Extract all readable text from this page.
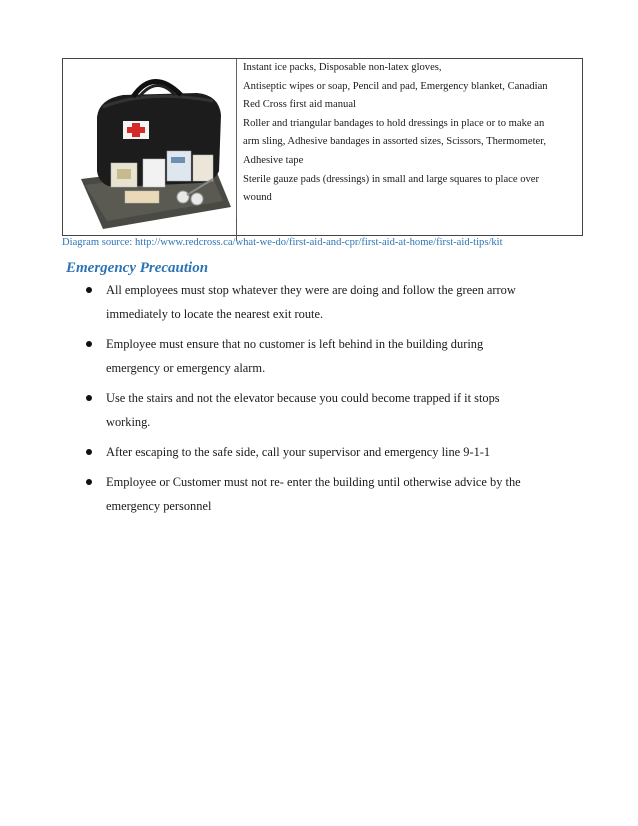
Instant ice packs, Disposable non-latex gloves,
Antiseptic wipes or soap, Pencil and pad, Emergency blanket, Canadian
Red Cross first aid manual
Roller and triangular bandages to hold dressings in place or to make an
arm sling, Adhesive bandages in assorted sizes, Scissors, Thermometer,
Adhesive tape
Sterile gauze pads (dressings) in small and large squares to place over
wound
Diagram source: http://www.redcross.ca/what-we-do/first-aid-and-cpr/first-aid-at-home/first-aid-tips/kit
Emergency Precaution
All employees must stop whatever they were are doing and follow the green arrow
immediately to locate the nearest exit route.
Employee must ensure that no customer is left behind in the building during
emergency or emergency alarm.
Use the stairs and not the elevator because you could become trapped if it stops
working.
After escaping to the safe side, call your supervisor and emergency line 9-1-1
Employee or Customer must not re- enter the building until otherwise advice by the
emergency personnel
